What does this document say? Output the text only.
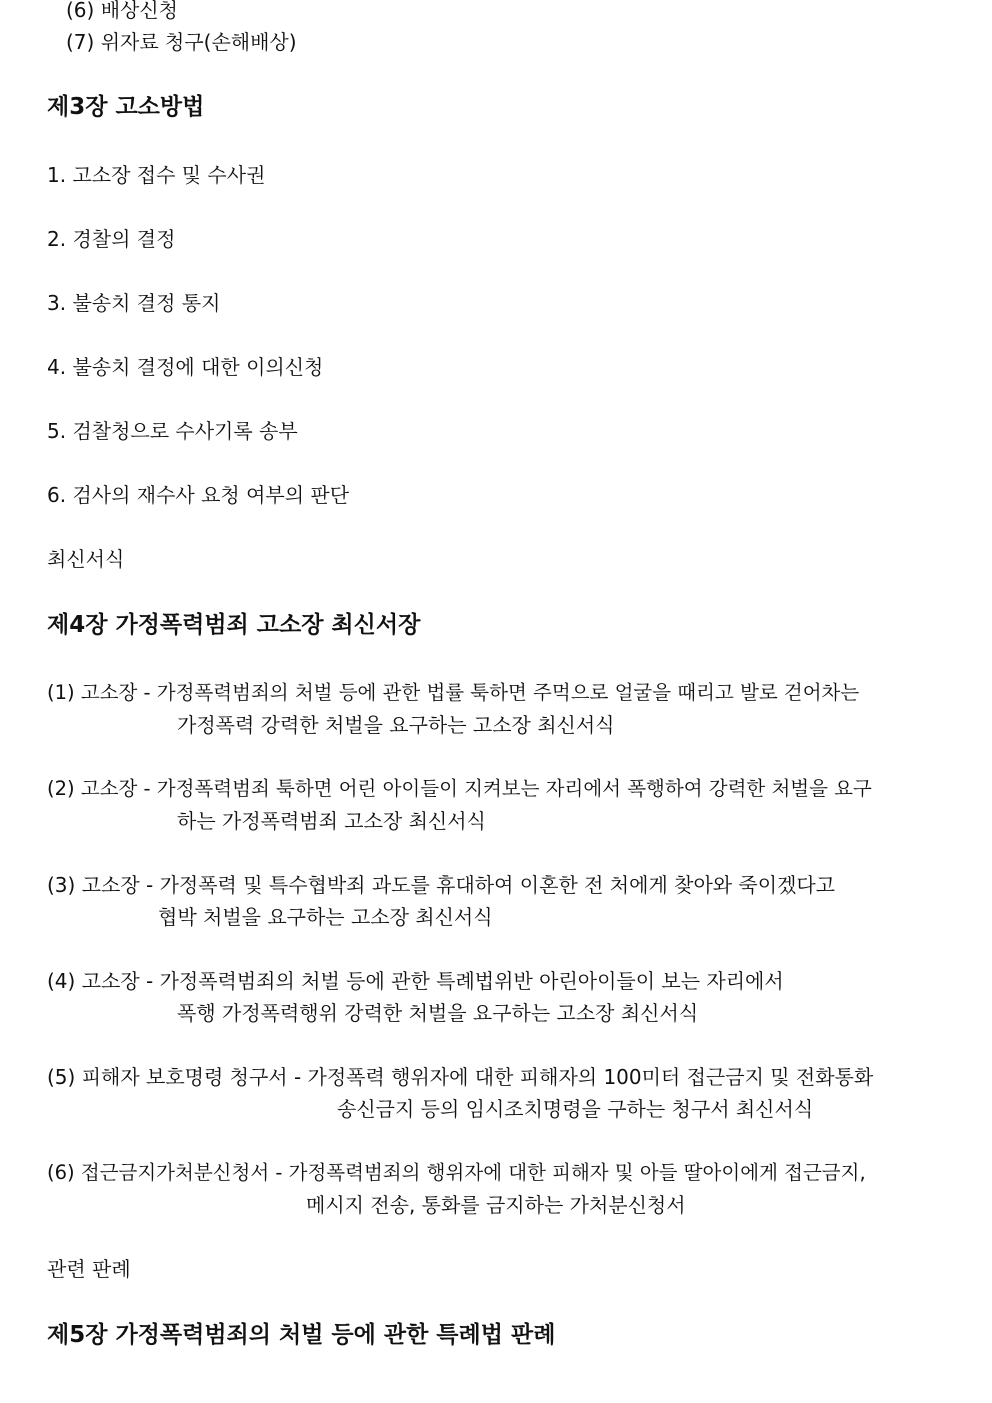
(6) 배상신청
(7) 위자료 청구(손해배상)
제3장 고소방법
1. 고소장 접수 및 수사권
2. 경찰의 결정
3. 불송치 결정 통지
4. 불송치 결정에 대한 이의신청
5. 검찰청으로 수사기록 송부
6. 검사의 재수사 요청 여부의 판단
최신서식
제4장 가정폭력범죄 고소장 최신서장
(1) 고소장 - 가정폭력범죄의 처벌 등에 관한 법률 툭하면 주먹으로 얼굴을 때리고 발로 걷어차는
가정폭력 강력한 처벌을 요구하는 고소장 최신서식
(2) 고소장 - 가정폭력범죄 툭하면 어린 아이들이 지켜보는 자리에서 폭행하여 강력한 처벌을 요구
하는 가정폭력범죄 고소장 최신서식
(3) 고소장 - 가정폭력 및 특수협박죄 과도를 휴대하여 이혼한 전 처에게 찾아와 죽이겠다고
협박 처벌을 요구하는 고소장 최신서식
(4) 고소장 - 가정폭력범죄의 처벌 등에 관한 특례법위반 아린아이들이 보는 자리에서
폭행 가정폭력행위 강력한 처벌을 요구하는 고소장 최신서식
(5) 피해자 보호명령 청구서 - 가정폭력 행위자에 대한 피해자의 100미터 접근금지 및 전화통화
송신금지 등의 임시조치명령을 구하는 청구서 최신서식
(6) 접근금지가처분신청서 - 가정폭력범죄의 행위자에 대한 피해자 및 아들 딸아이에게 접근금지,
메시지 전송, 통화를 금지하는 가처분신청서
관련 판례
제5장 가정폭력범죄의 처벌 등에 관한 특례법 판례
